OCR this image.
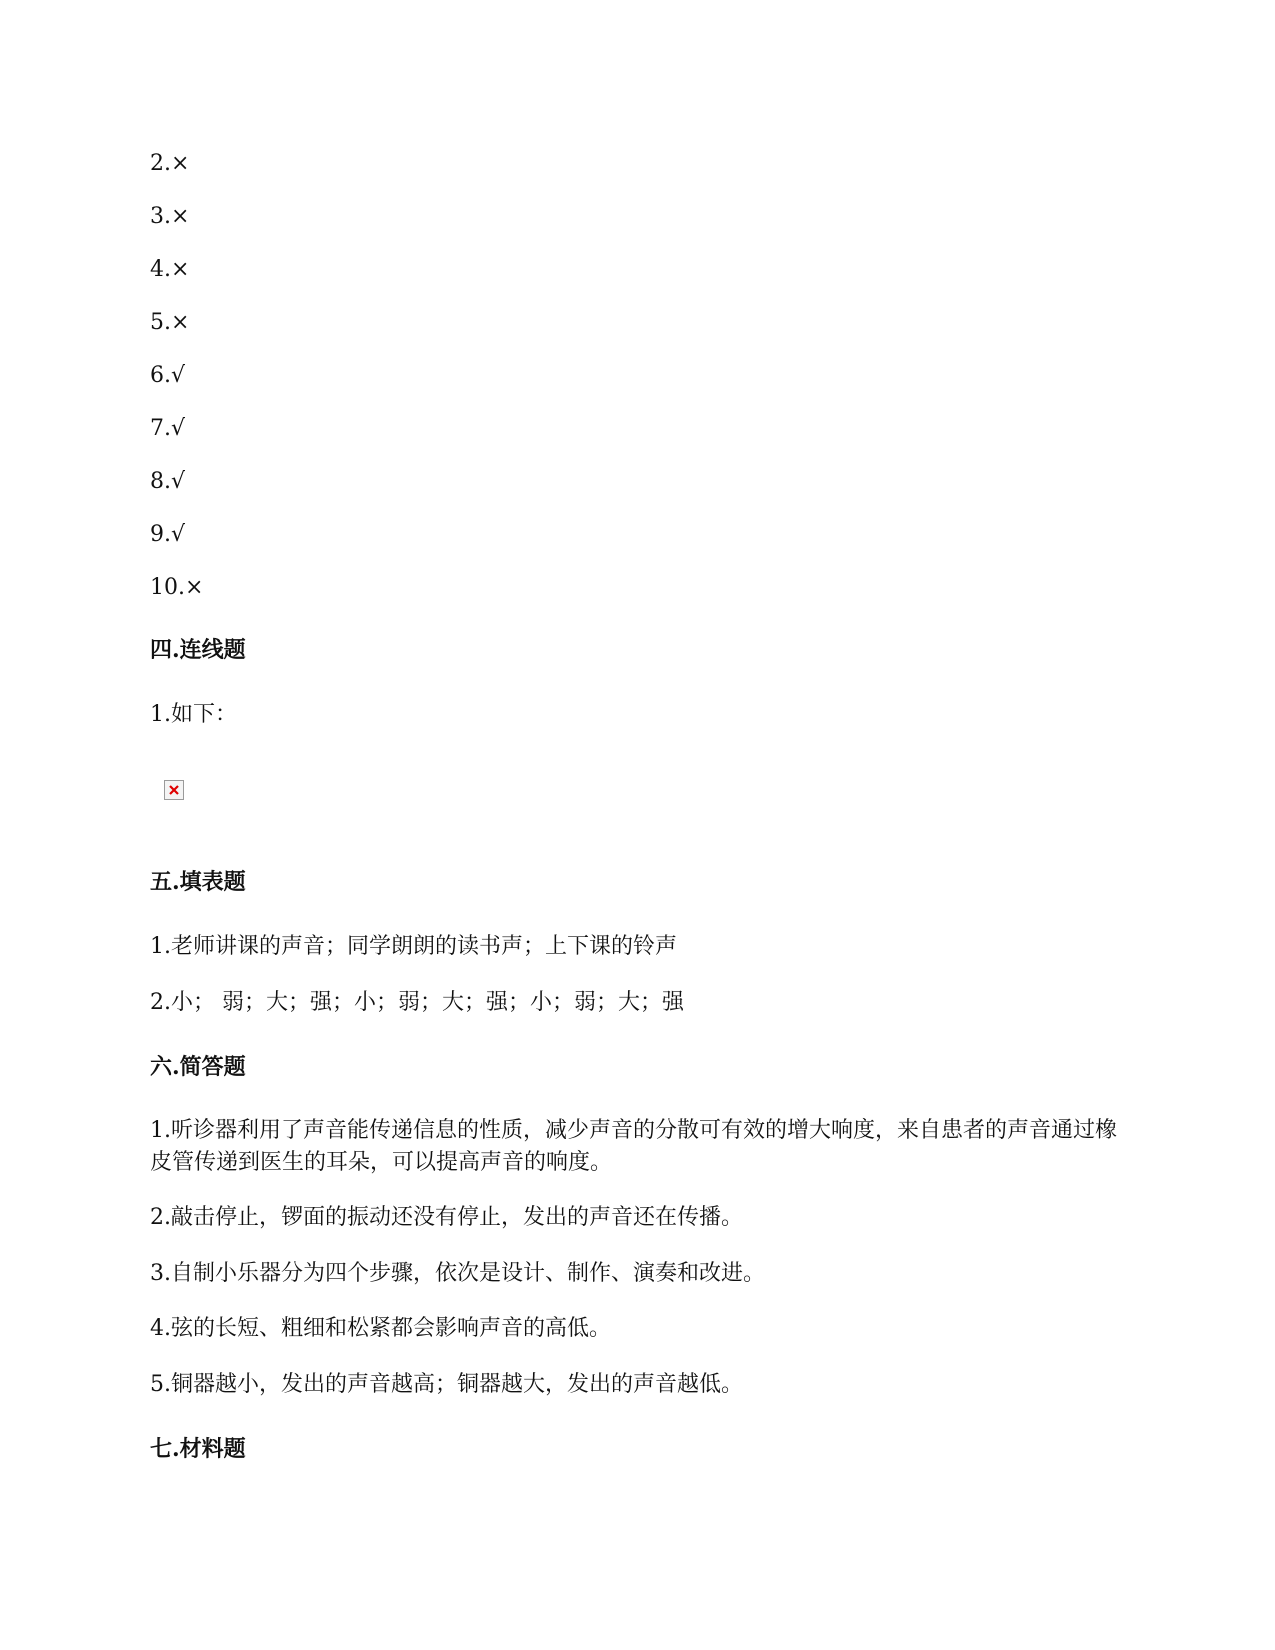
2.×
3.×
4.×
5.×
6.√
7.√
8.√
9.√
10.×
四.连线题
1.如下：
五.填表题
1.老师讲课的声音；同学朗朗的读书声；上下课的铃声
2.小； 弱；大；强；小；弱；大；强；小；弱；大；强
六.简答题
1.听诊器利用了声音能传递信息的性质，减少声音的分散可有效的增大响度，来自患者的声音通过橡皮管传递到医生的耳朵，可以提高声音的响度。
2.敲击停止，锣面的振动还没有停止，发出的声音还在传播。
3.自制小乐器分为四个步骤，依次是设计、制作、演奏和改进。
4.弦的长短、粗细和松紧都会影响声音的高低。
5.铜器越小，发出的声音越高；铜器越大，发出的声音越低。
七.材料题
